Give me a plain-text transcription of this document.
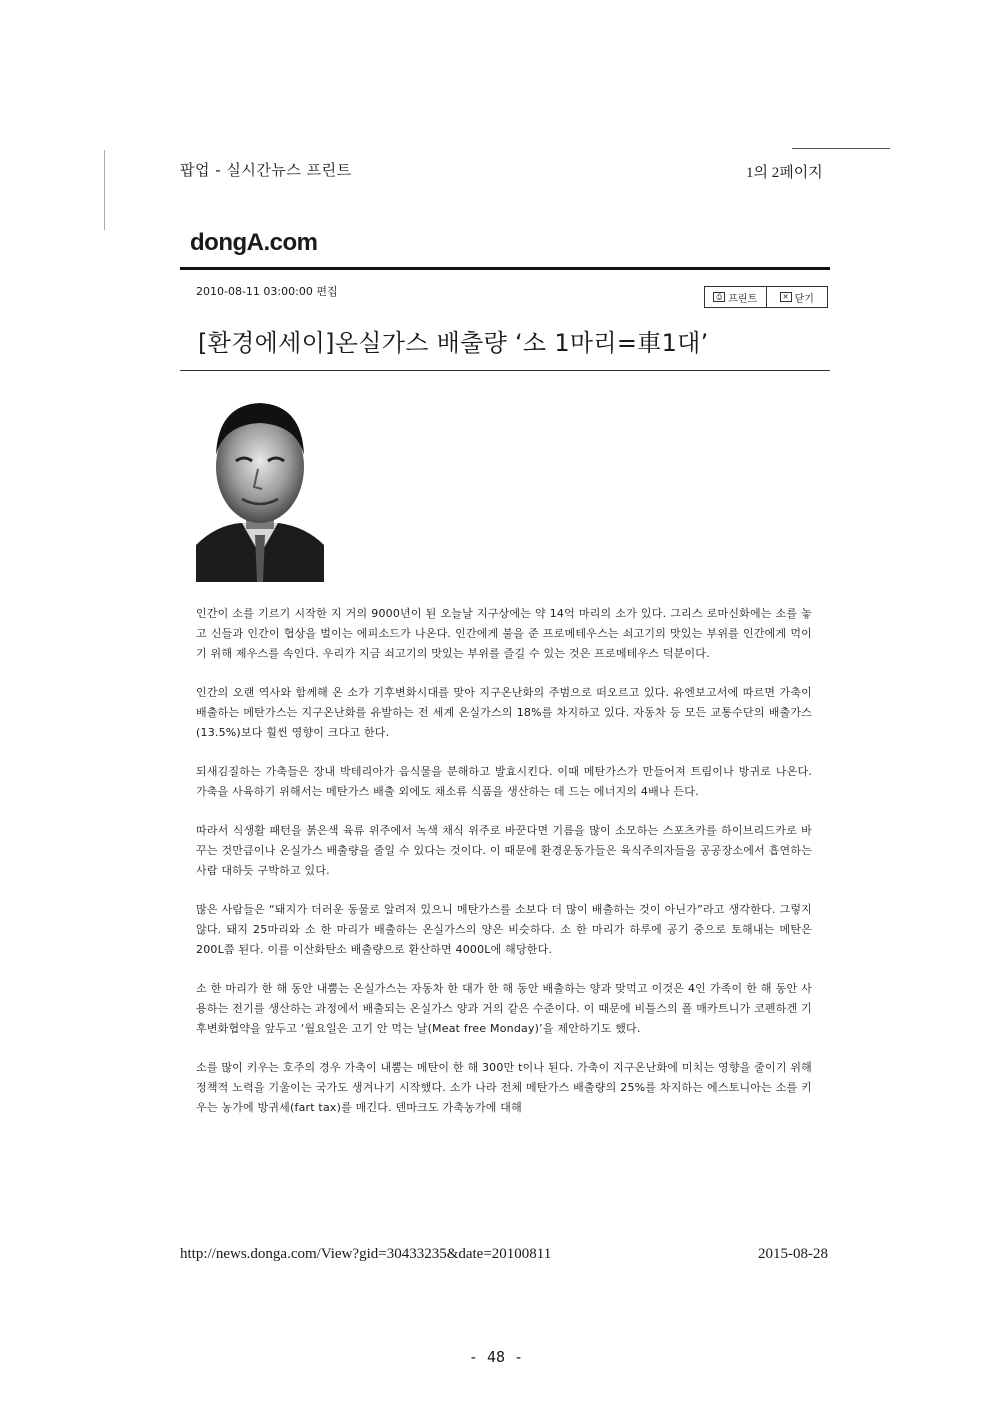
팝업 - 실시간뉴스 프린트	1의 2페이지
dongA.com
2010-08-11 03:00:00 편집	⎙ 프린트	✕ 닫기
[환경에세이]온실가스 배출량 ‘소 1마리=車1대’

인간이 소를 기르기 시작한 지 거의 9000년이 된 오늘날 지구상에는 약 14억 마리의 소가 있다. 그리스 로마신화에는 소를 놓고 신들과 인간이 협상을 벌이는 에피소드가 나온다. 인간에게 불을 준 프로메테우스는 쇠고기의 맛있는 부위를 인간에게 먹이기 위해 제우스를 속인다. 우리가 지금 쇠고기의 맛있는 부위를 즐길 수 있는 것은 프로메테우스 덕분이다.

인간의 오랜 역사와 함께해 온 소가 기후변화시대를 맞아 지구온난화의 주범으로 떠오르고 있다. 유엔보고서에 따르면 가축이 배출하는 메탄가스는 지구온난화를 유발하는 전 세계 온실가스의 18%를 차지하고 있다. 자동차 등 모든 교통수단의 배출가스(13.5%)보다 훨씬 영향이 크다고 한다.

되새김질하는 가축들은 장내 박테리아가 음식물을 분해하고 발효시킨다. 이때 메탄가스가 만들어져 트림이나 방귀로 나온다. 가축을 사육하기 위해서는 메탄가스 배출 외에도 채소류 식품을 생산하는 데 드는 에너지의 4배나 든다.

따라서 식생활 패턴을 붉은색 육류 위주에서 녹색 채식 위주로 바꾼다면 기름을 많이 소모하는 스포츠카를 하이브리드카로 바꾸는 것만큼이나 온실가스 배출량을 줄일 수 있다는 것이다. 이 때문에 환경운동가들은 육식주의자들을 공공장소에서 흡연하는 사람 대하듯 구박하고 있다.

많은 사람들은 “돼지가 더러운 동물로 알려져 있으니 메탄가스를 소보다 더 많이 배출하는 것이 아닌가”라고 생각한다. 그렇지 않다. 돼지 25마리와 소 한 마리가 배출하는 온실가스의 양은 비슷하다. 소 한 마리가 하루에 공기 중으로 토해내는 메탄은 200L쯤 된다. 이를 이산화탄소 배출량으로 환산하면 4000L에 해당한다.

소 한 마리가 한 해 동안 내뿜는 온실가스는 자동차 한 대가 한 해 동안 배출하는 양과 맞먹고 이것은 4인 가족이 한 해 동안 사용하는 전기를 생산하는 과정에서 배출되는 온실가스 양과 거의 같은 수준이다. 이 때문에 비틀스의 폴 매카트니가 코펜하겐 기후변화협약을 앞두고 ‘월요일은 고기 안 먹는 날(Meat free Monday)’을 제안하기도 했다.

소를 많이 키우는 호주의 경우 가축이 내뿜는 메탄이 한 해 300만 t이나 된다. 가축이 지구온난화에 미치는 영향을 줄이기 위해 정책적 노력을 기울이는 국가도 생겨나기 시작했다. 소가 나라 전체 메탄가스 배출량의 25%를 차지하는 에스토니아는 소를 키우는 농가에 방귀세(fart tax)를 매긴다. 덴마크도 가축농가에 대해

http://news.donga.com/View?gid=30433235&date=20100811	2015-08-28
- 48 -
